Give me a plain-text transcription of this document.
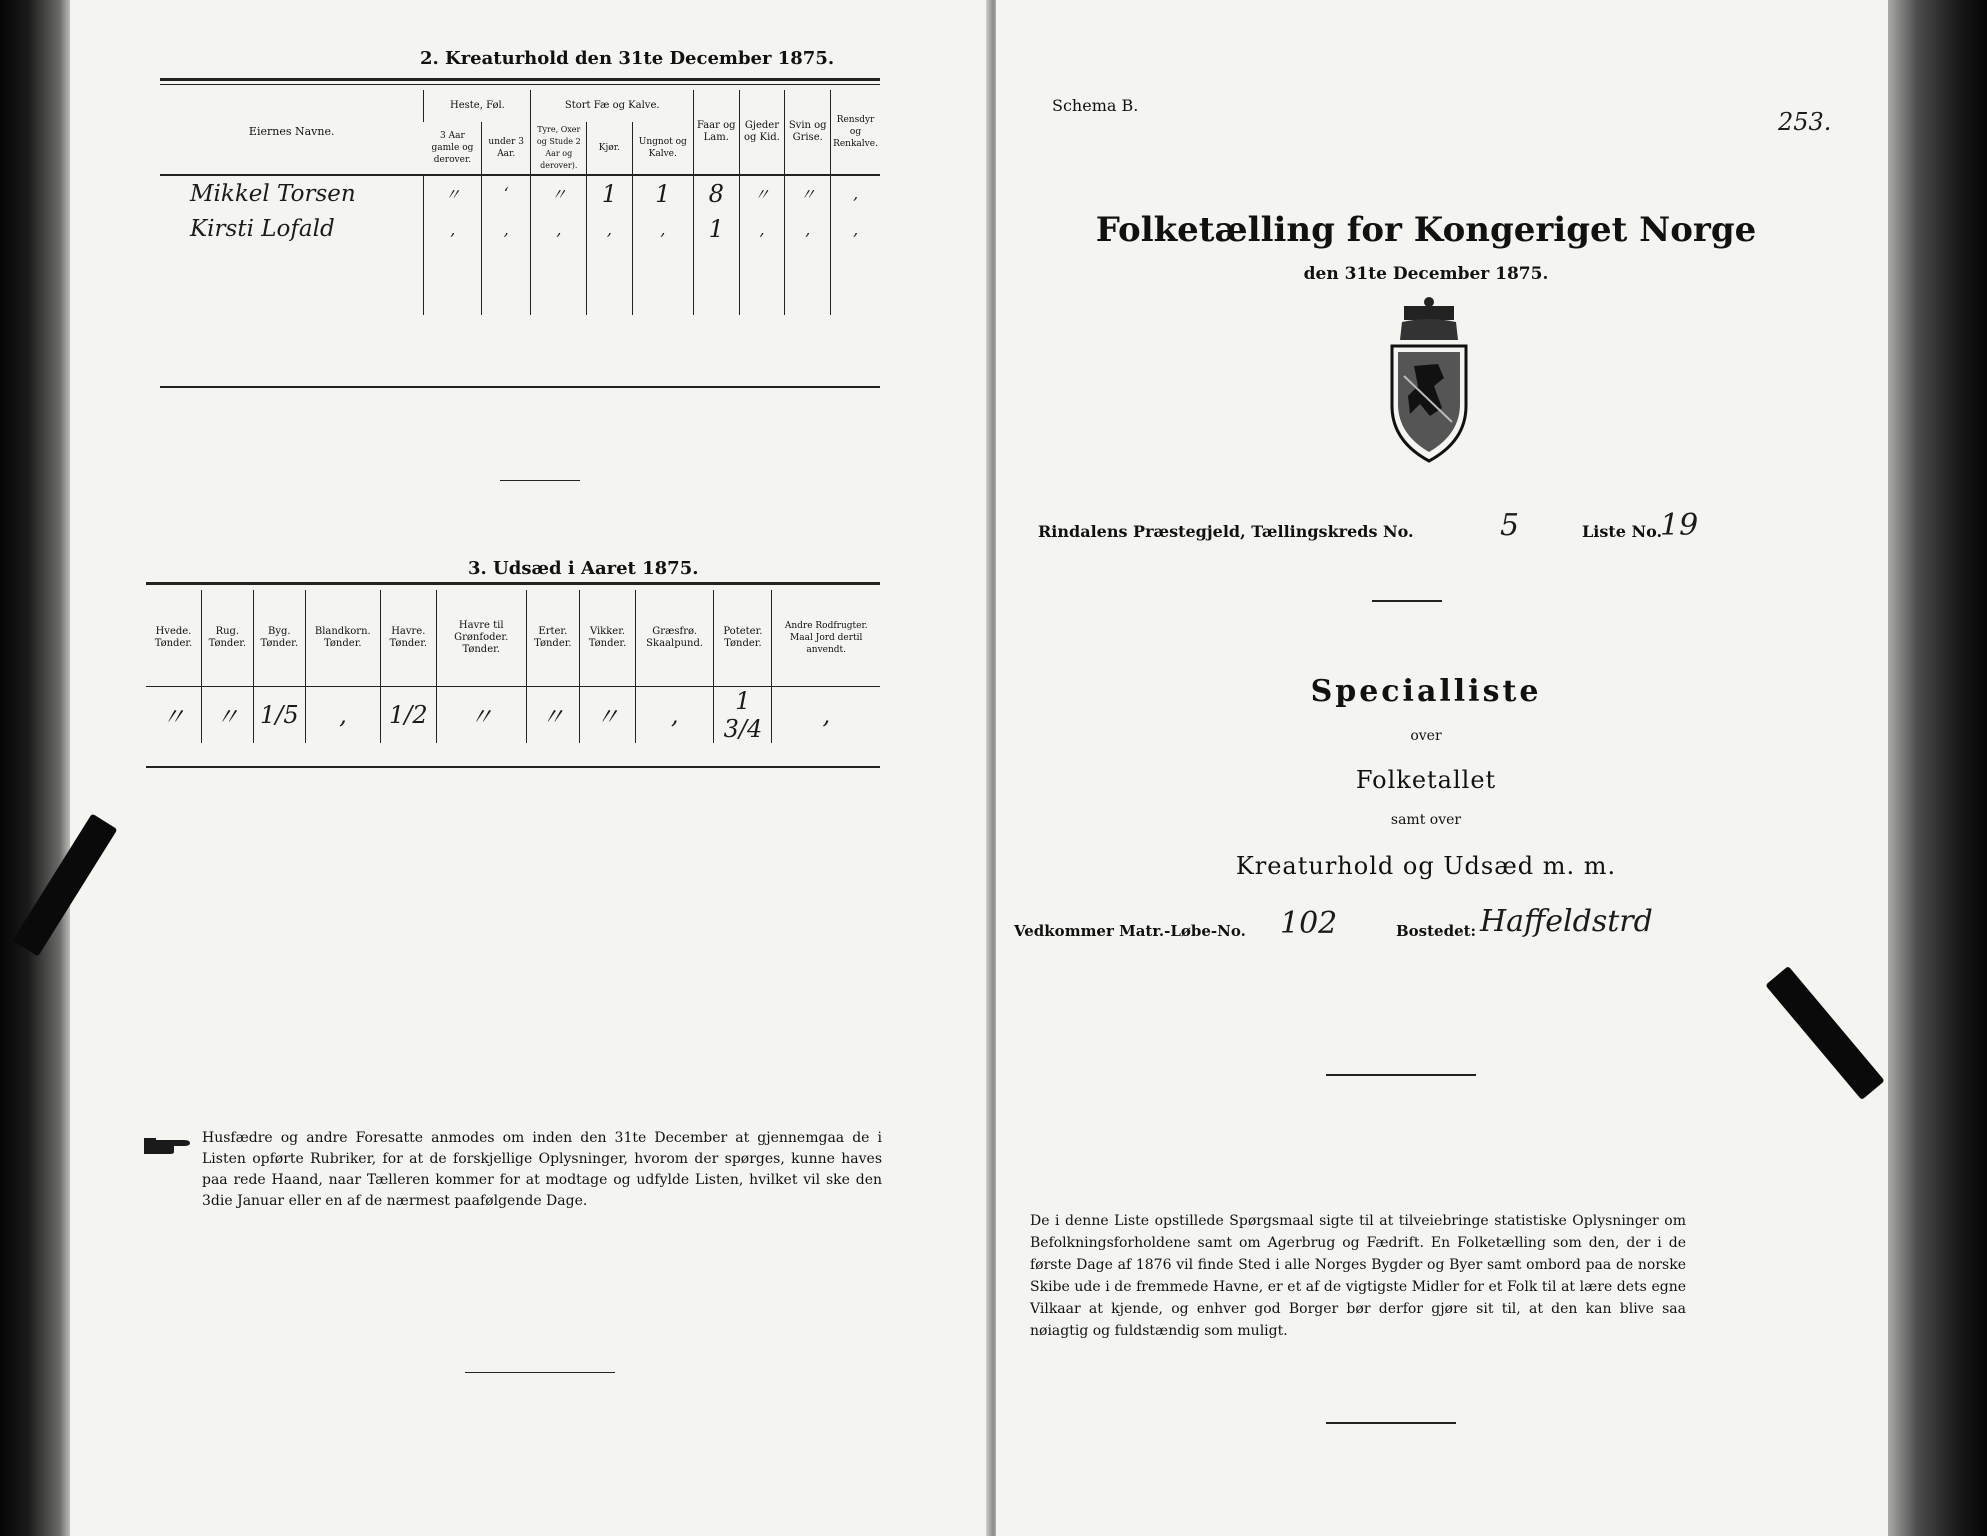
2. Kreaturhold den 31te December 1875.
Eiernes Navne.	Heste, Føl.		Stort Fæ og Kalve.			Faar og Lam.	Gjeder og Kid.	Svin og Grise.	Rensdyr og Renkalve.
	3 Aar gamle og derover.	under 3 Aar.	Tyre, Oxer og Stude 2 Aar og derover).	Kjør.	Ungnot og Kalve.				
Mikkel Torsen	〃	‘	〃	1	1	8	〃	〃	‚
Kirsti Lofald	‚	‚	‚	‚	‚	1	‚	‚	‚

3. Udsæd i Aaret 1875.
Hvede. Tønder.	Rug. Tønder.	Byg. Tønder.	Blandkorn. Tønder.	Havre. Tønder.	Havre til Grønfoder. Tønder.	Erter. Tønder.	Vikker. Tønder.	Græsfrø. Skaalpund.	Poteter. Tønder.	Andre Rodfrugter. Maal Jord dertil anvendt.
〃	〃	1/5	‚	1/2	〃	〃	〃	‚	1 3/4	‚
Husfædre og andre Foresatte anmodes om inden den 31te December at gjennemgaa de i Listen opførte Rubriker, for at de forskjellige Oplysninger, hvorom der spørges, kunne haves paa rede Haand, naar Tælleren kommer for at modtage og udfylde Listen, hvilket vil ske den 3die Januar eller en af de nærmest paafølgende Dage.
Schema B.
253.
Folketælling for Kongeriget Norge
den 31te December 1875.
Rindalens Præstegjeld, Tællingskreds No.	5	Liste No.
19
Specialliste
over
Folketallet
samt over
Kreaturhold og Udsæd m. m.
Vedkommer Matr.-Løbe-No. 102	Bostedet: Haffeldstrd
De i denne Liste opstillede Spørgsmaal sigte til at tilveiebringe statistiske Oplysninger om Befolkningsforholdene samt om Agerbrug og Fædrift. En Folketælling som den, der i de første Dage af 1876 vil finde Sted i alle Norges Bygder og Byer samt ombord paa de norske Skibe ude i de fremmede Havne, er et af de vigtigste Midler for et Folk til at lære dets egne Vilkaar at kjende, og enhver god Borger bør derfor gjøre sit til, at den kan blive saa nøiagtig og fuldstændig som muligt.
